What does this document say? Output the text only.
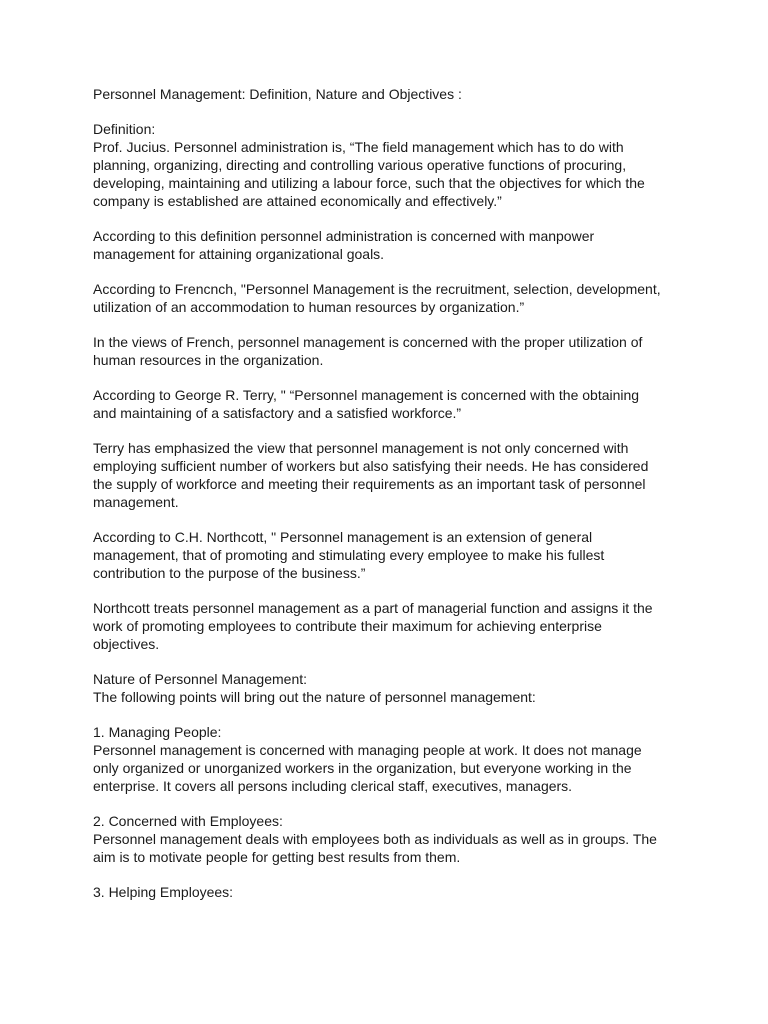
Personnel Management: Definition, Nature and Objectives :

Definition:

Prof. Jucius. Personnel administration is, “The field management which has to do with

planning, organizing, directing and controlling various operative functions of procuring,

developing, maintaining and utilizing a labour force, such that the objectives for which the

company is established are attained economically and effectively.”

According to this definition personnel administration is concerned with manpower

management for attaining organizational goals.

According to Frencnch, "Personnel Management is the recruitment, selection, development,

utilization of an accommodation to human resources by organization.”

In the views of French, personnel management is concerned with the proper utilization of

human resources in the organization.

According to George R. Terry, " “Personnel management is concerned with the obtaining

and maintaining of a satisfactory and a satisfied workforce.”

Terry has emphasized the view that personnel management is not only concerned with

employing sufficient number of workers but also satisfying their needs. He has considered

the supply of workforce and meeting their requirements as an important task of personnel

management.

According to C.H. Northcott, " Personnel management is an extension of general

management, that of promoting and stimulating every employee to make his fullest

contribution to the purpose of the business.”

Northcott treats personnel management as a part of managerial function and assigns it the

work of promoting employees to contribute their maximum for achieving enterprise

objectives.

Nature of Personnel Management:

The following points will bring out the nature of personnel management:

1. Managing People:

Personnel management is concerned with managing people at work. It does not manage

only organized or unorganized workers in the organization, but everyone working in the

enterprise. It covers all persons including clerical staff, executives, managers.

2. Concerned with Employees:

Personnel management deals with employees both as individuals as well as in groups. The

aim is to motivate people for getting best results from them.

3. Helping Employees:
